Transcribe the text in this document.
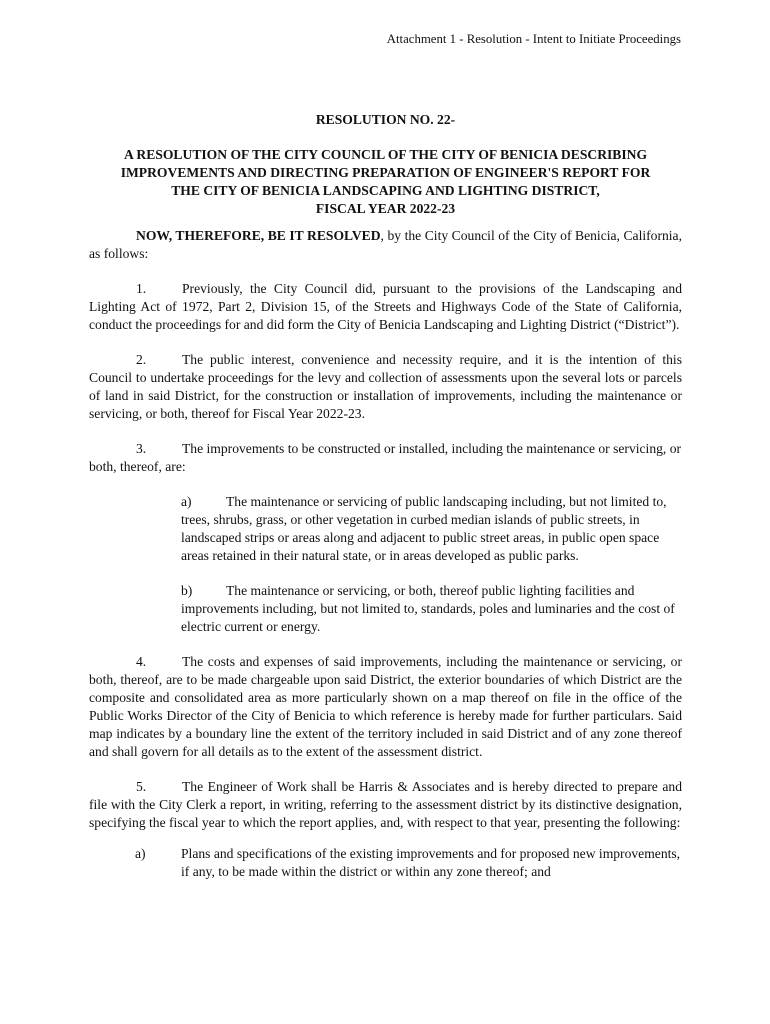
Attachment 1 - Resolution - Intent to Initiate Proceedings

RESOLUTION NO. 22-

A RESOLUTION OF THE CITY COUNCIL OF THE CITY OF BENICIA DESCRIBING
IMPROVEMENTS AND DIRECTING PREPARATION OF ENGINEER'S REPORT FOR
THE CITY OF BENICIA LANDSCAPING AND LIGHTING DISTRICT,
FISCAL YEAR 2022-23

NOW, THEREFORE, BE IT RESOLVED, by the City Council of the City of Benicia, California, as follows:

1.	Previously, the City Council did, pursuant to the provisions of the Landscaping and Lighting Act of 1972, Part 2, Division 15, of the Streets and Highways Code of the State of California, conduct the proceedings for and did form the City of Benicia Landscaping and Lighting District (“District”).

2.	The public interest, convenience and necessity require, and it is the intention of this Council to undertake proceedings for the levy and collection of assessments upon the several lots or parcels of land in said District, for the construction or installation of improvements, including the maintenance or servicing, or both, thereof for Fiscal Year 2022-23.

3.	The improvements to be constructed or installed, including the maintenance or servicing, or both, thereof, are:

a)	The maintenance or servicing of public landscaping including, but not limited to, trees, shrubs, grass, or other vegetation in curbed median islands of public streets, in landscaped strips or areas along and adjacent to public street areas, in public open space areas retained in their natural state, or in areas developed as public parks.

b) The maintenance or servicing, or both, thereof public lighting facilities and improvements including, but not limited to, standards, poles and luminaries and the cost of electric current or energy.

4.	The costs and expenses of said improvements, including the maintenance or servicing, or both, thereof, are to be made chargeable upon said District, the exterior boundaries of which District are the composite and consolidated area as more particularly shown on a map thereof on file in the office of the Public Works Director of the City of Benicia to which reference is hereby made for further particulars. Said map indicates by a boundary line the extent of the territory included in said District and of any zone thereof and shall govern for all details as to the extent of the assessment district.

5.	The Engineer of Work shall be Harris & Associates and is hereby directed to prepare and file with the City Clerk a report, in writing, referring to the assessment district by its distinctive designation, specifying the fiscal year to which the report applies, and, with respect to that year, presenting the following:

a)	Plans and specifications of the existing improvements and for proposed new improvements, if any, to be made within the district or within any zone thereof; and
